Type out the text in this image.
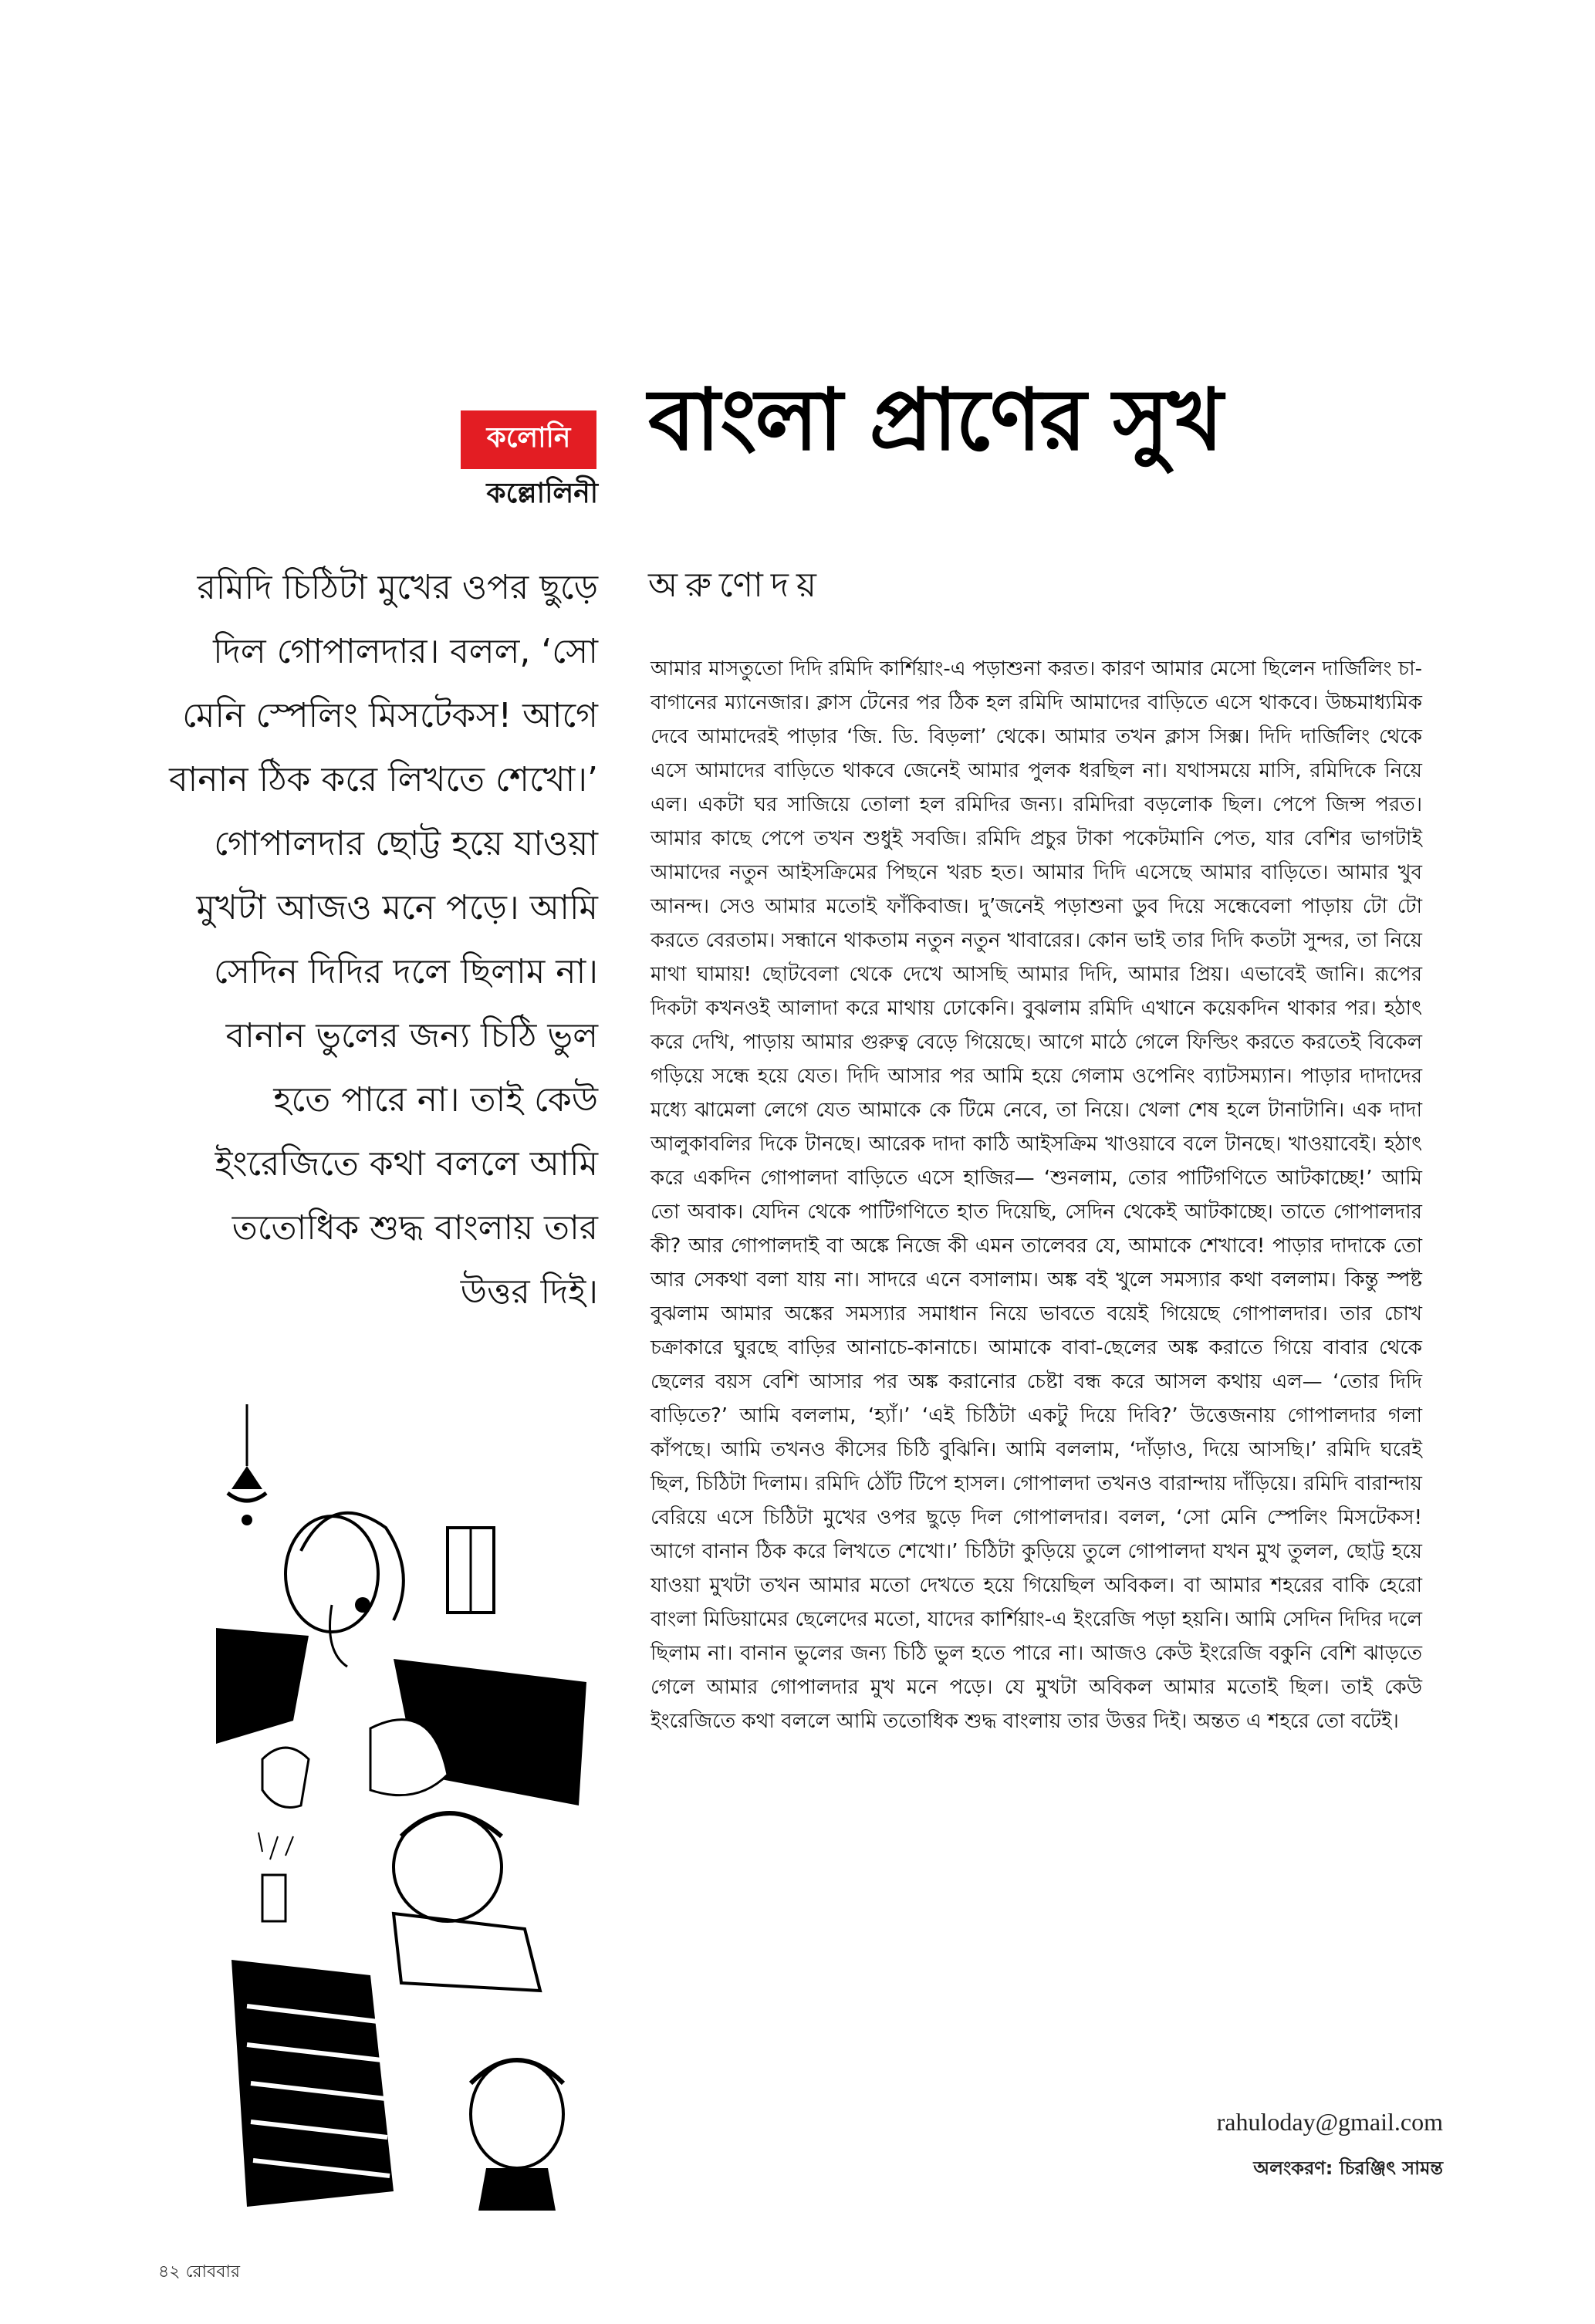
কলোনি
কল্লোলিনী
বাংলা প্রাণের সুখ
অরুণোদয়

রমিদি চিঠিটা মুখের ওপর ছুড়ে দিল গোপালদার। বলল, ‘সো মেনি স্পেলিং মিসটেকস! আগে বানান ঠিক করে লিখতে শেখো।’ গোপালদার ছোট্ট হয়ে যাওয়া মুখটা আজও মনে পড়ে। আমি সেদিন দিদির দলে ছিলাম না। বানান ভুলের জন্য চিঠি ভুল হতে পারে না। তাই কেউ ইংরেজিতে কথা বললে আমি ততোধিক শুদ্ধ বাংলায় তার উত্তর দিই।

আমার মাসতুতো দিদি রমিদি কার্শিয়াং-এ পড়াশুনা করত। কারণ আমার মেসো ছিলেন দার্জিলিং চা-বাগানের ম্যানেজার। ক্লাস টেনের পর ঠিক হল রমিদি আমাদের বাড়িতে এসে থাকবে। উচ্চমাধ্যমিক দেবে আমাদেরই পাড়ার ‘জি. ডি. বিড়লা’ থেকে। আমার তখন ক্লাস সিক্স। দিদি দার্জিলিং থেকে এসে আমাদের বাড়িতে থাকবে জেনেই আমার পুলক ধরছিল না। যথাসময়ে মাসি, রমিদিকে নিয়ে এল। একটা ঘর সাজিয়ে তোলা হল রমিদির জন্য। রমিদিরা বড়লোক ছিল। পেপে জিন্স পরত। আমার কাছে পেপে তখন শুধুই সবজি। রমিদি প্রচুর টাকা পকেটমানি পেত, যার বেশির ভাগটাই আমাদের নতুন আইসক্রিমের পিছনে খরচ হত। আমার দিদি এসেছে আমার বাড়িতে। আমার খুব আনন্দ। সেও আমার মতোই ফাঁকিবাজ। দু’জনেই পড়াশুনা ডুব দিয়ে সন্ধেবেলা পাড়ায় টো টো করতে বেরতাম। সন্ধানে থাকতাম নতুন নতুন খাবারের। কোন ভাই তার দিদি কতটা সুন্দর, তা নিয়ে মাথা ঘামায়! ছোটবেলা থেকে দেখে আসছি আমার দিদি, আমার প্রিয়। এভাবেই জানি। রূপের দিকটা কখনওই আলাদা করে মাথায় ঢোকেনি। বুঝলাম রমিদি এখানে কয়েকদিন থাকার পর। হঠাৎ করে দেখি, পাড়ায় আমার গুরুত্ব বেড়ে গিয়েছে। আগে মাঠে গেলে ফিল্ডিং করতে করতেই বিকেল গড়িয়ে সন্ধে হয়ে যেত। দিদি আসার পর আমি হয়ে গেলাম ওপেনিং ব্যাটসম্যান। পাড়ার দাদাদের মধ্যে ঝামেলা লেগে যেত আমাকে কে টিমে নেবে, তা নিয়ে। খেলা শেষ হলে টানাটানি। এক দাদা আলুকাবলির দিকে টানছে। আরেক দাদা কাঠি আইসক্রিম খাওয়াবে বলে টানছে। খাওয়াবেই। হঠাৎ করে একদিন গোপালদা বাড়িতে এসে হাজির— ‘শুনলাম, তোর পাটিগণিতে আটকাচ্ছে!’ আমি তো অবাক। যেদিন থেকে পাটিগণিতে হাত দিয়েছি, সেদিন থেকেই আটকাচ্ছে। তাতে গোপালদার কী? আর গোপালদাই বা অঙ্কে নিজে কী এমন তালেবর যে, আমাকে শেখাবে! পাড়ার দাদাকে তো আর সেকথা বলা যায় না। সাদরে এনে বসালাম। অঙ্ক বই খুলে সমস্যার কথা বললাম। কিন্তু স্পষ্ট বুঝলাম আমার অঙ্কের সমস্যার সমাধান নিয়ে ভাবতে বয়েই গিয়েছে গোপালদার। তার চোখ চক্রাকারে ঘুরছে বাড়ির আনাচে-কানাচে। আমাকে বাবা-ছেলের অঙ্ক করাতে গিয়ে বাবার থেকে ছেলের বয়স বেশি আসার পর অঙ্ক করানোর চেষ্টা বন্ধ করে আসল কথায় এল— ‘তোর দিদি বাড়িতে?’ আমি বললাম, ‘হ্যাঁ।’ ‘এই চিঠিটা একটু দিয়ে দিবি?’ উত্তেজনায় গোপালদার গলা কাঁপছে। আমি তখনও কীসের চিঠি বুঝিনি। আমি বললাম, ‘দাঁড়াও, দিয়ে আসছি।’ রমিদি ঘরেই ছিল, চিঠিটা দিলাম। রমিদি ঠোঁট টিপে হাসল। গোপালদা তখনও বারান্দায় দাঁড়িয়ে। রমিদি বারান্দায় বেরিয়ে এসে চিঠিটা মুখের ওপর ছুড়ে দিল গোপালদার। বলল, ‘সো মেনি স্পেলিং মিসটেকস! আগে বানান ঠিক করে লিখতে শেখো।’ চিঠিটা কুড়িয়ে তুলে গোপালদা যখন মুখ তুলল, ছোট্ট হয়ে যাওয়া মুখটা তখন আমার মতো দেখতে হয়ে গিয়েছিল অবিকল। বা আমার শহরের বাকি হেরো বাংলা মিডিয়ামের ছেলেদের মতো, যাদের কার্শিয়াং-এ ইংরেজি পড়া হয়নি। আমি সেদিন দিদির দলে ছিলাম না। বানান ভুলের জন্য চিঠি ভুল হতে পারে না। আজও কেউ ইংরেজি বকুনি বেশি ঝাড়তে গেলে আমার গোপালদার মুখ মনে পড়ে। যে মুখটা অবিকল আমার মতোই ছিল। তাই কেউ ইংরেজিতে কথা বললে আমি ততোধিক শুদ্ধ বাংলায় তার উত্তর দিই। অন্তত এ শহরে তো বটেই।

rahuloday@gmail.com
অলংকরণ: চিরঞ্জিৎ সামন্ত
৪২ রোববার
